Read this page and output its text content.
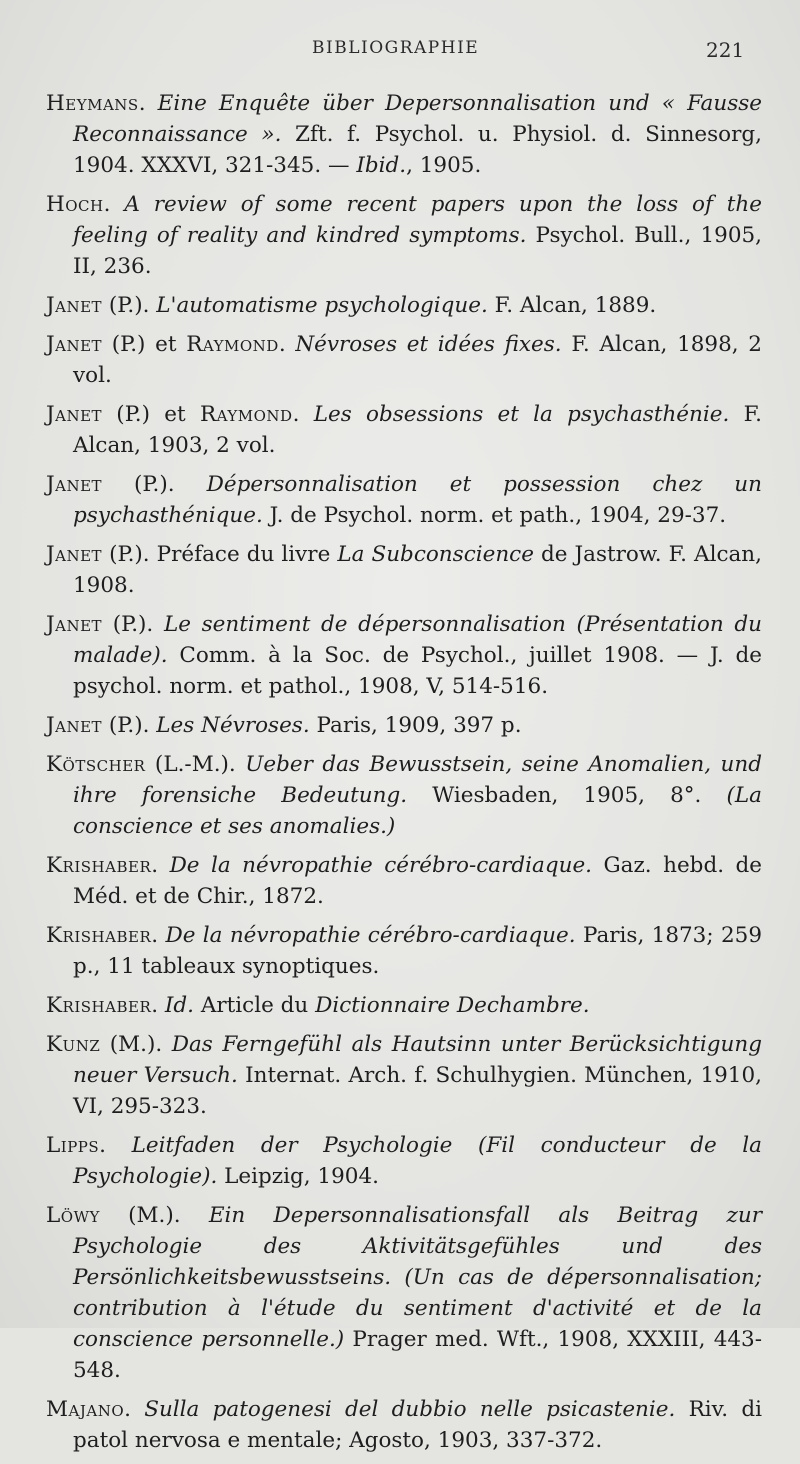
BIBLIOGRAPHIE	221
Heymans. Eine Enquête über Depersonnalisation und « Fausse Reconnaissance ». Zft. f. Psychol. u. Physiol. d. Sinnesorg, 1904. XXXVI, 321-345. — Ibid., 1905.
Hoch. A review of some recent papers upon the loss of the feeling of reality and kindred symptoms. Psychol. Bull., 1905, II, 236.
Janet (P.). L'automatisme psychologique. F. Alcan, 1889.
Janet (P.) et Raymond. Névroses et idées fixes. F. Alcan, 1898, 2 vol.
Janet (P.) et Raymond. Les obsessions et la psychasthénie. F. Alcan, 1903, 2 vol.
Janet (P.). Dépersonnalisation et possession chez un psychasthénique. J. de Psychol. norm. et path., 1904, 29-37.
Janet (P.). Préface du livre La Subconscience de Jastrow. F. Alcan, 1908.
Janet (P.). Le sentiment de dépersonnalisation (Présentation du malade). Comm. à la Soc. de Psychol., juillet 1908. — J. de psychol. norm. et pathol., 1908, V, 514-516.
Janet (P.). Les Névroses. Paris, 1909, 397 p.
Kötscher (L.-M.). Ueber das Bewusstsein, seine Anomalien, und ihre forensiche Bedeutung. Wiesbaden, 1905, 8°. (La conscience et ses anomalies.)
Krishaber. De la névropathie cérébro-cardiaque. Gaz. hebd. de Méd. et de Chir., 1872.
Krishaber. De la névropathie cérébro-cardiaque. Paris, 1873; 259 p., 11 tableaux synoptiques.
Krishaber. Id. Article du Dictionnaire Dechambre.
Kunz (M.). Das Ferngefühl als Hautsinn unter Berücksichtigung neuer Versuch. Internat. Arch. f. Schulhygien. München, 1910, VI, 295-323.
Lipps. Leitfaden der Psychologie (Fil conducteur de la Psychologie). Leipzig, 1904.
Löwy (M.). Ein Depersonnalisationsfall als Beitrag zur Psychologie des Aktivitätsgefühles und des Persönlichkeitsbewusstseins. (Un cas de dépersonnalisation; contribution à l'étude du sentiment d'activité et de la conscience personnelle.) Prager med. Wft., 1908, XXXIII, 443-548.
Majano. Sulla patogenesi del dubbio nelle psicastenie. Riv. di patol nervosa e mentale; Agosto, 1903, 337-372.
